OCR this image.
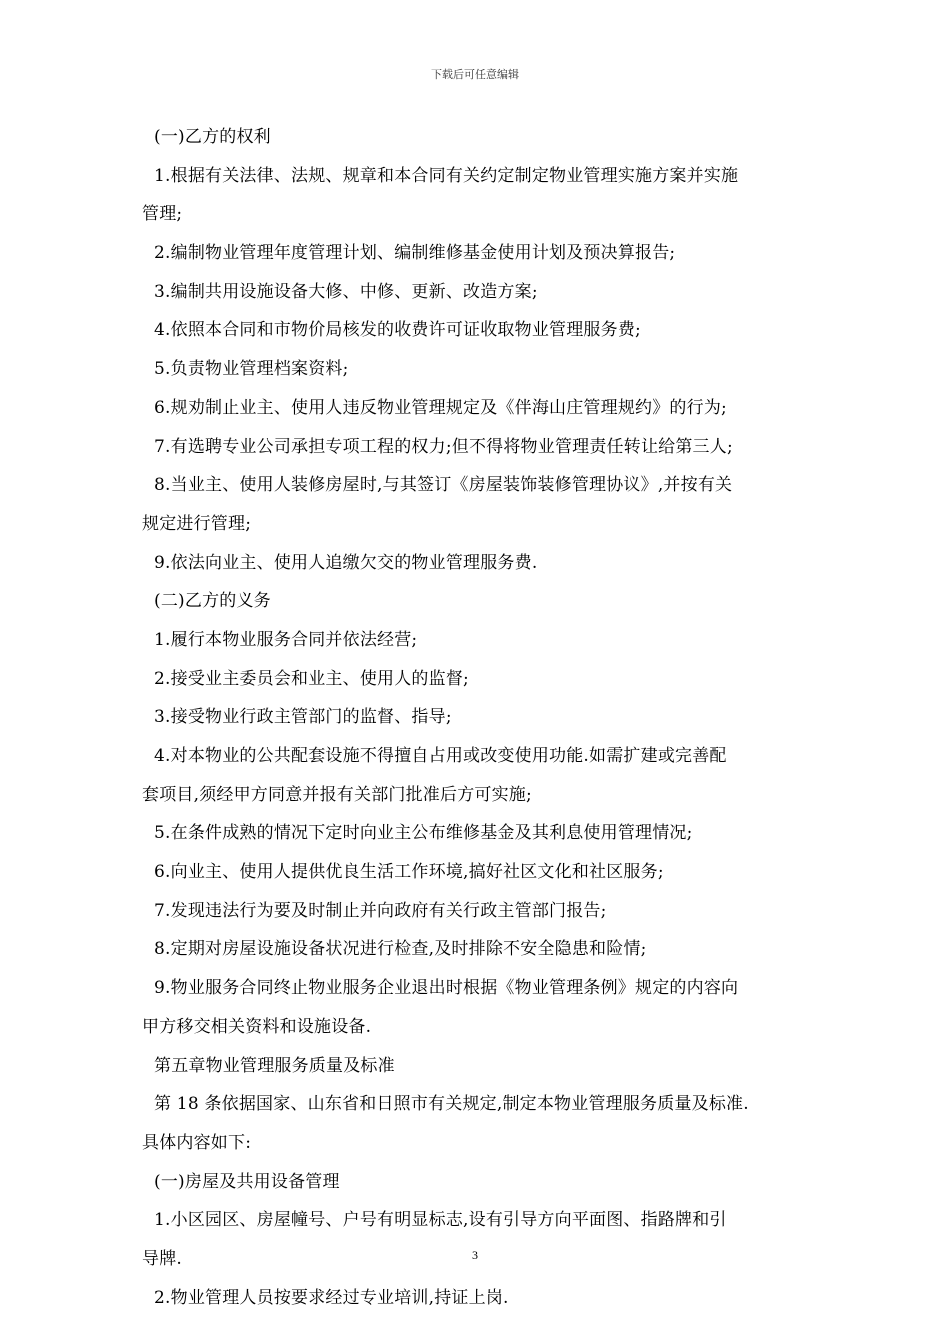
下载后可任意编辑
(一)乙方的权利
1.根据有关法律、法规、规章和本合同有关约定制定物业管理实施方案并实施
管理;
2.编制物业管理年度管理计划、编制维修基金使用计划及预决算报告;
3.编制共用设施设备大修、中修、更新、改造方案;
4.依照本合同和市物价局核发的收费许可证收取物业管理服务费;
5.负责物业管理档案资料;
6.规劝制止业主、使用人违反物业管理规定及《伴海山庄管理规约》的行为;
7.有选聘专业公司承担专项工程的权力;但不得将物业管理责任转让给第三人;
8.当业主、使用人装修房屋时,与其签订《房屋装饰装修管理协议》,并按有关
规定进行管理;
9.依法向业主、使用人追缴欠交的物业管理服务费.
(二)乙方的义务
1.履行本物业服务合同并依法经营;
2.接受业主委员会和业主、使用人的监督;
3.接受物业行政主管部门的监督、指导;
4.对本物业的公共配套设施不得擅自占用或改变使用功能.如需扩建或完善配
套项目,须经甲方同意并报有关部门批准后方可实施;
5.在条件成熟的情况下定时向业主公布维修基金及其利息使用管理情况;
6.向业主、使用人提供优良生活工作环境,搞好社区文化和社区服务;
7.发现违法行为要及时制止并向政府有关行政主管部门报告;
8.定期对房屋设施设备状况进行检查,及时排除不安全隐患和险情;
9.物业服务合同终止物业服务企业退出时根据《物业管理条例》规定的内容向
甲方移交相关资料和设施设备.
第五章物业管理服务质量及标准
第 18 条依据国家、山东省和日照市有关规定,制定本物业管理服务质量及标准.
具体内容如下:
(一)房屋及共用设备管理
1.小区园区、房屋幢号、户号有明显标志,设有引导方向平面图、指路牌和引
导牌.
2.物业管理人员按要求经过专业培训,持证上岗.
3
